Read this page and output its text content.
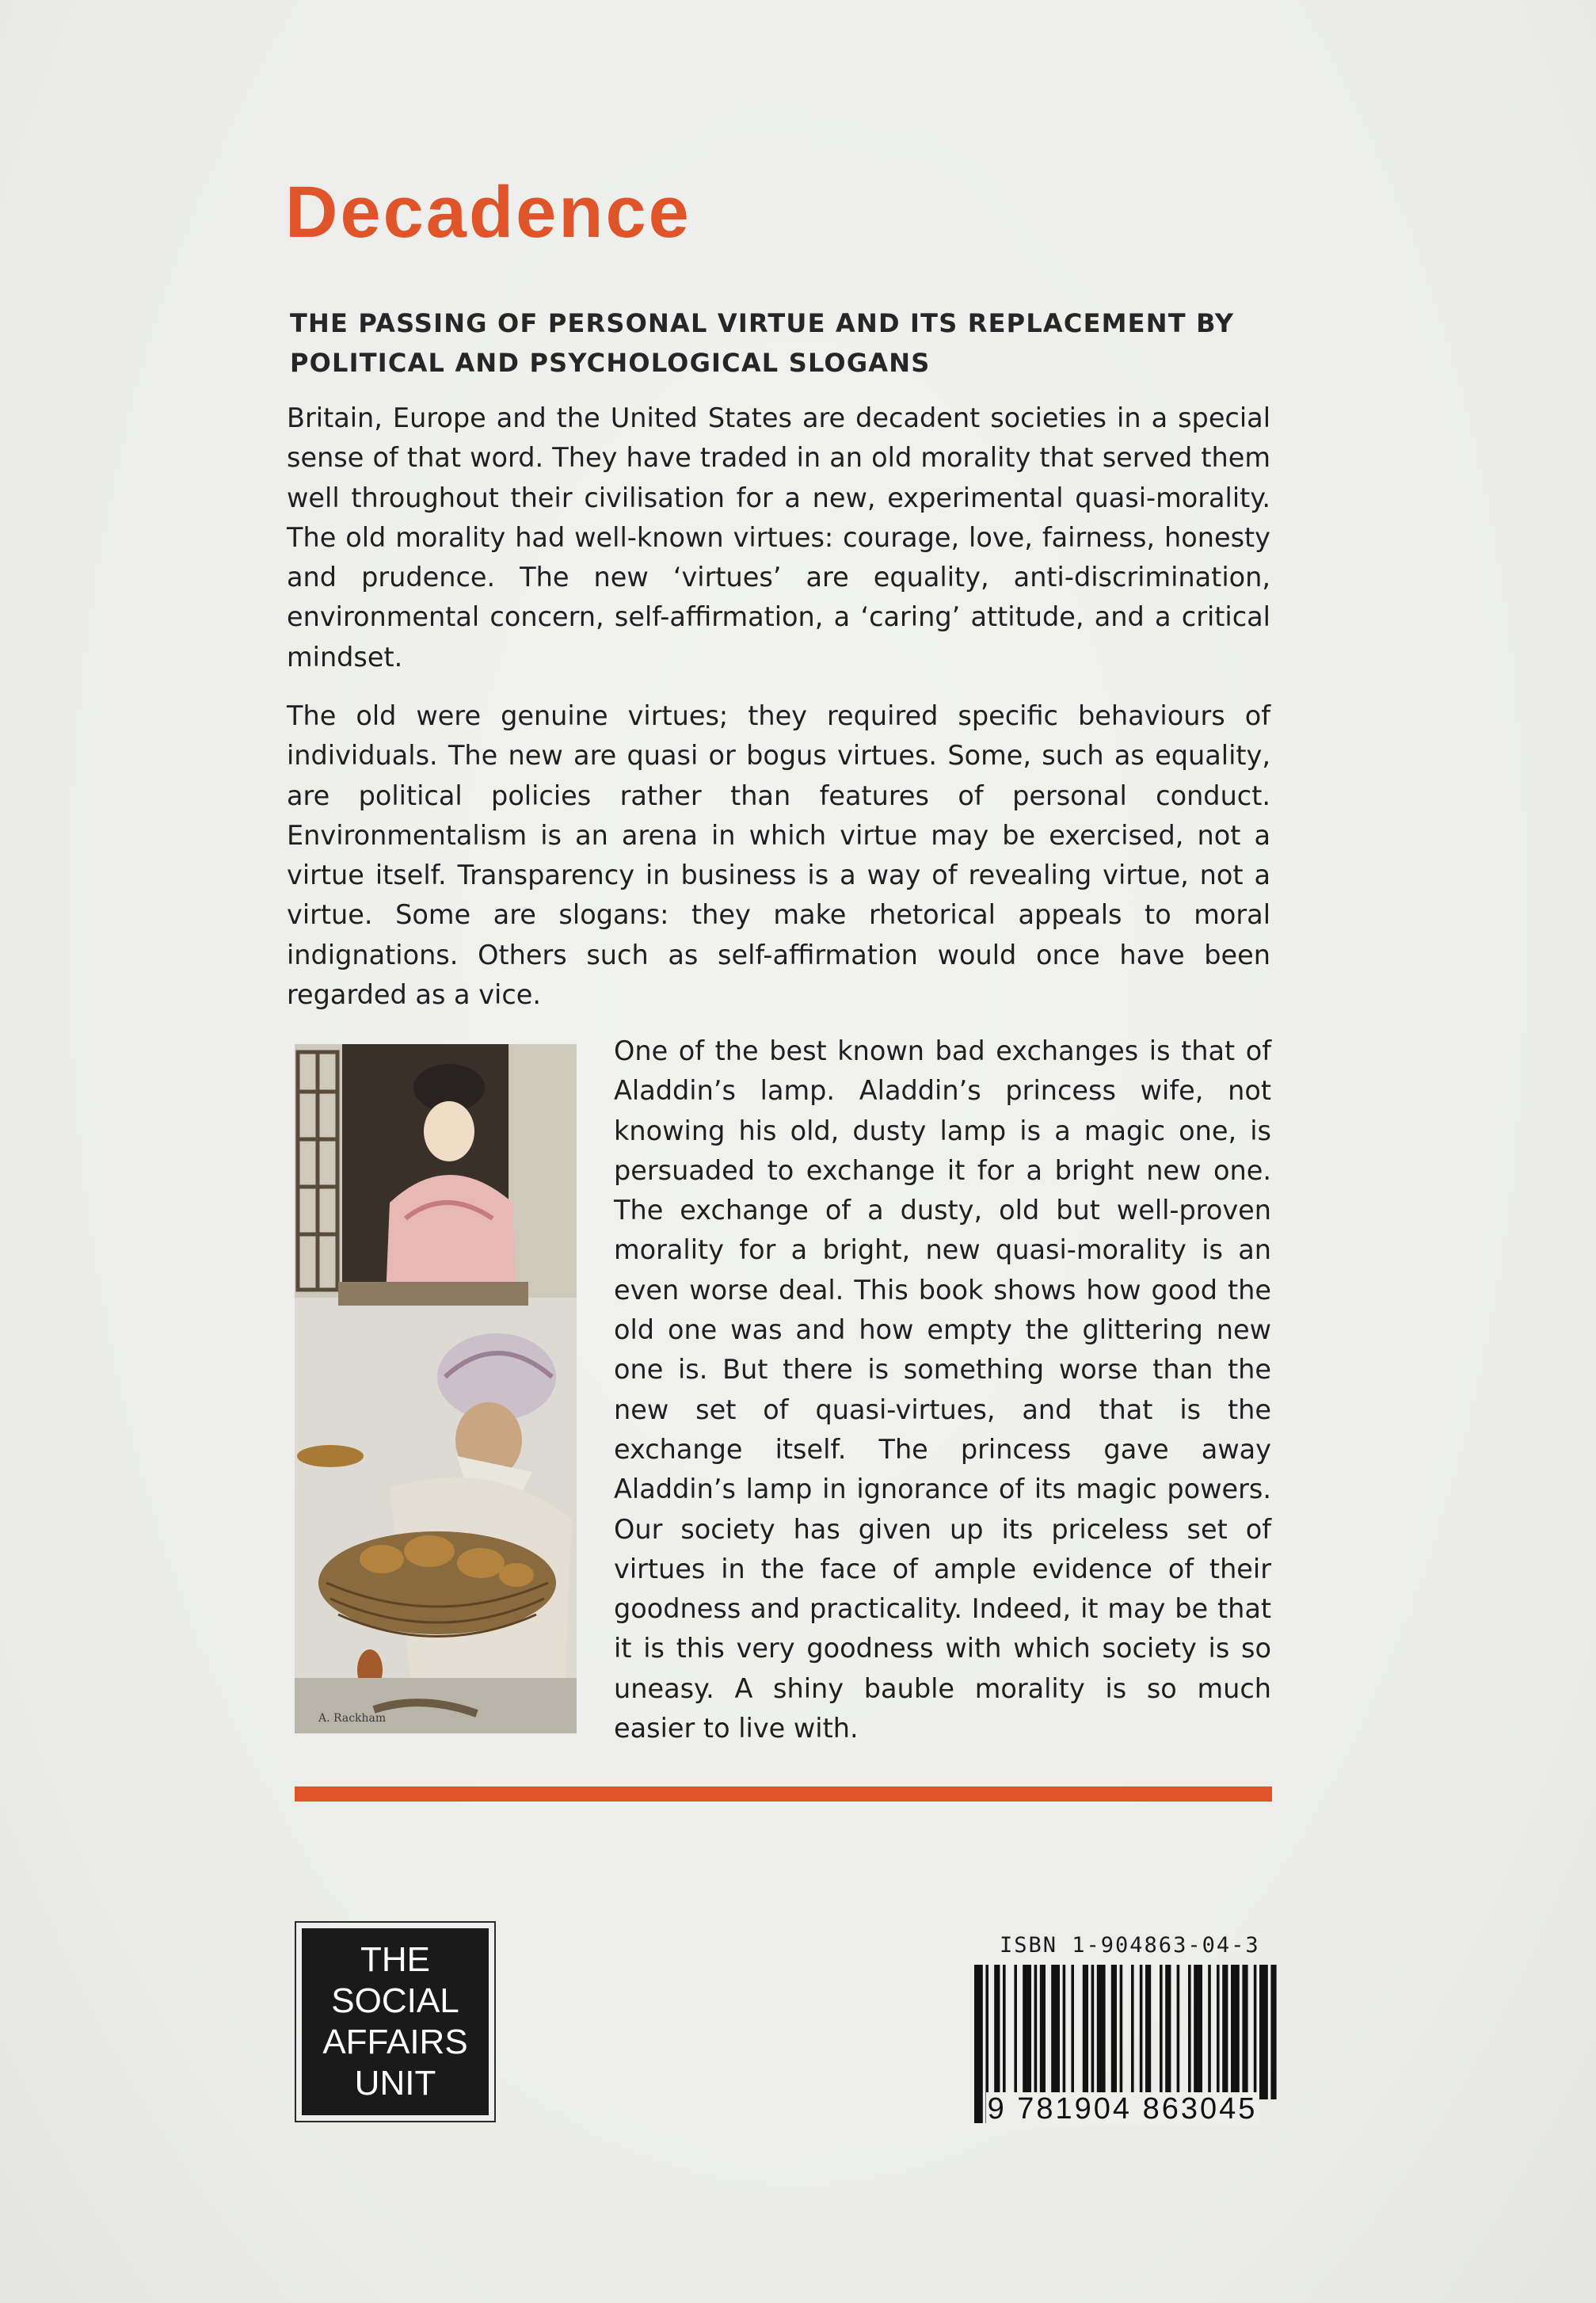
Decadence
THE PASSING OF PERSONAL VIRTUE AND ITS REPLACEMENT BY POLITICAL AND PSYCHOLOGICAL SLOGANS

Britain, Europe and the United States are decadent societies in a special sense of that word. They have traded in an old morality that served them well throughout their civilisation for a new, experimental quasi-morality. The old morality had well-known virtues: courage, love, fairness, honesty and prudence. The new ‘virtues’ are equality, anti-discrimination, environmental concern, self-affirmation, a ‘caring’ attitude, and a critical mindset.

The old were genuine virtues; they required specific behaviours of individuals. The new are quasi or bogus virtues. Some, such as equality, are political policies rather than features of personal conduct. Environmentalism is an arena in which virtue may be exercised, not a virtue itself. Transparency in business is a way of revealing virtue, not a virtue. Some are slogans: they make rhetorical appeals to moral indignations. Others such as self-affirmation would once have been regarded as a vice.

A. Rackham

One of the best known bad exchanges is that of Aladdin’s lamp. Aladdin’s princess wife, not knowing his old, dusty lamp is a magic one, is persuaded to exchange it for a bright new one. The exchange of a dusty, old but well-proven morality for a bright, new quasi-morality is an even worse deal. This book shows how good the old one was and how empty the glittering new one is. But there is something worse than the new set of quasi-virtues, and that is the exchange itself. The princess gave away Aladdin’s lamp in ignorance of its magic powers. Our society has given up its priceless set of virtues in the face of ample evidence of their goodness and practicality. Indeed, it may be that it is this very goodness with which society is so uneasy. A shiny bauble morality is so much easier to live with.

THE
SOCIAL
AFFAIRS
UNIT
ISBN 1-904863-04-3
9 781904 863045
